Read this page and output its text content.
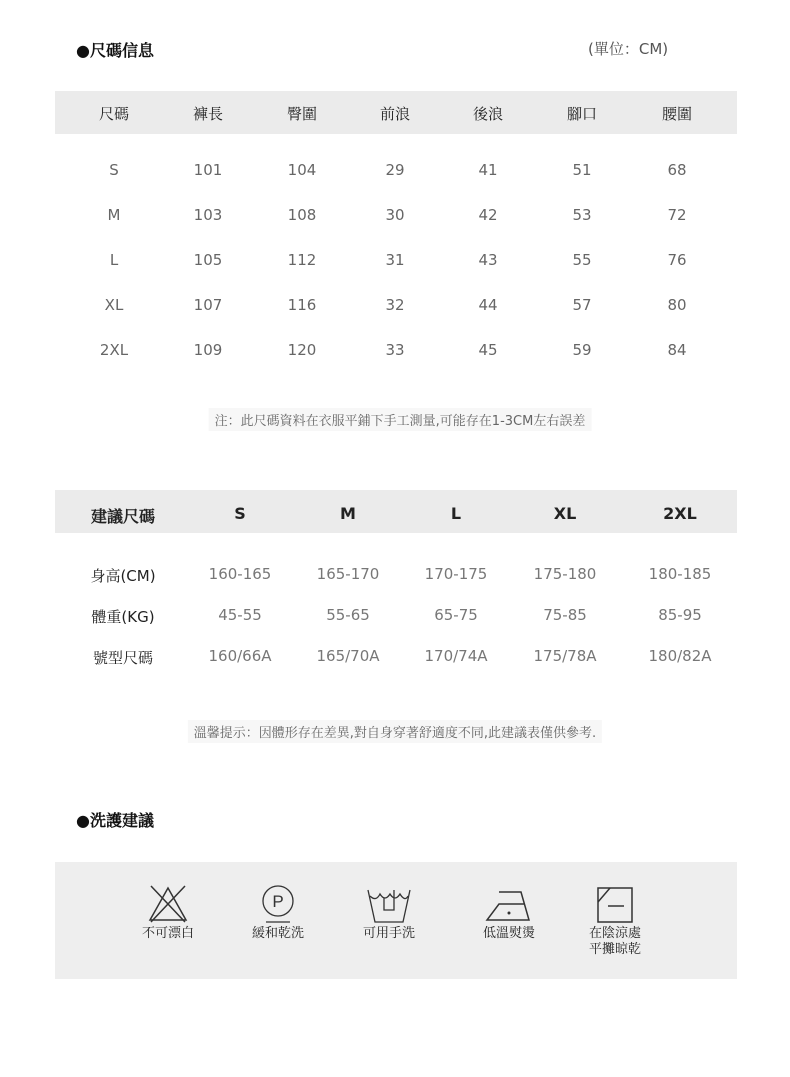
●尺碼信息	(單位：CM)
尺碼	褲長	臀圍	前浪	後浪	腳口	腰圍
S	101	104	29	41	51	68
M	103	108	30	42	53	72
L	105	112	31	43	55	76
XL	107	116	32	44	57	80
2XL	109	120	33	45	59	84
注：此尺碼資料在衣服平鋪下手工測量,可能存在1-3CM左右誤差
建議尺碼	S	M	L	XL	2XL
身高(CM)	160-165	165-170	170-175	175-180	180-185
體重(KG)	45-55	55-65	65-75	75-85	85-95
號型尺碼	160/66A	165/70A	170/74A	175/78A	180/82A
溫馨提示：因體形存在差異,對自身穿著舒適度不同,此建議表僅供參考.
●洗護建議
不可漂白
P
緩和乾洗	可用手洗	低溫熨燙	在陰涼處
平攤晾乾
